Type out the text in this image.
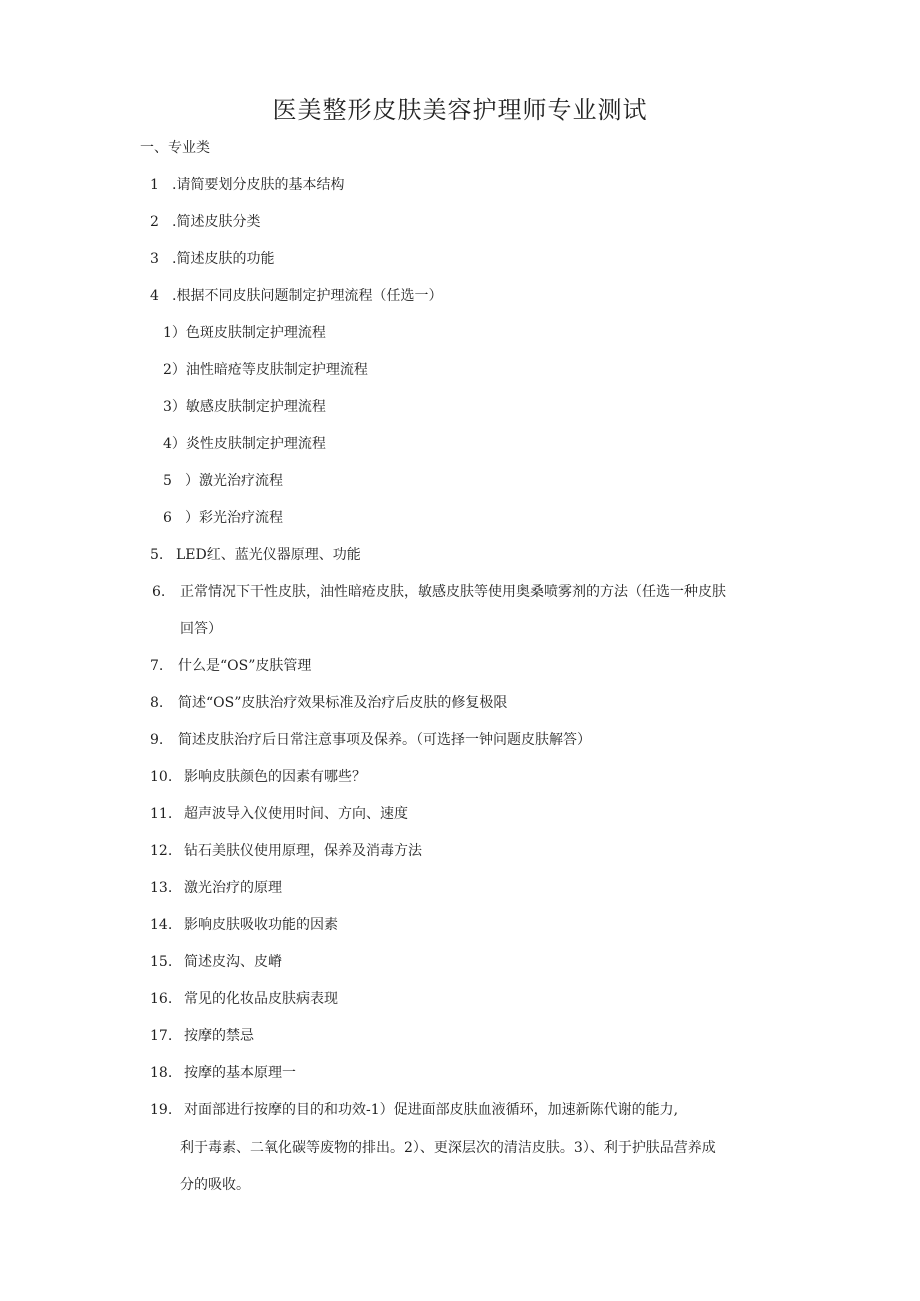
医美整形皮肤美容护理师专业测试
一、专业类
1 .请简要划分皮肤的基本结构
2 .简述皮肤分类
3 .简述皮肤的功能
4 .根据不同皮肤问题制定护理流程（任选一）
1）色斑皮肤制定护理流程
2）油性暗疮等皮肤制定护理流程
3）敏感皮肤制定护理流程
4）炎性皮肤制定护理流程
5 ）激光治疗流程
6 ）彩光治疗流程
5. LED红、蓝光仪器原理、功能
6. 正常情况下干性皮肤，油性暗疮皮肤，敏感皮肤等使用奥桑喷雾剂的方法（任选一种皮肤
回答）
7. 什么是“OS”皮肤管理
8. 简述“OS”皮肤治疗效果标准及治疗后皮肤的修复极限
9. 简述皮肤治疗后日常注意事项及保养。（可选择一钟问题皮肤解答）
10. 影响皮肤颜色的因素有哪些？
11. 超声波导入仪使用时间、方向、速度
12. 钻石美肤仪使用原理，保养及消毒方法
13. 激光治疗的原理
14. 影响皮肤吸收功能的因素
15. 简述皮沟、皮嵴
16. 常见的化妆品皮肤病表现
17. 按摩的禁忌
18. 按摩的基本原理一
19. 对面部进行按摩的目的和功效-1）促进面部皮肤血液循环，加速新陈代谢的能力,
利于毒素、二氧化碳等废物的排出。2）、更深层次的清洁皮肤。3）、利于护肤品营养成
分的吸收。
